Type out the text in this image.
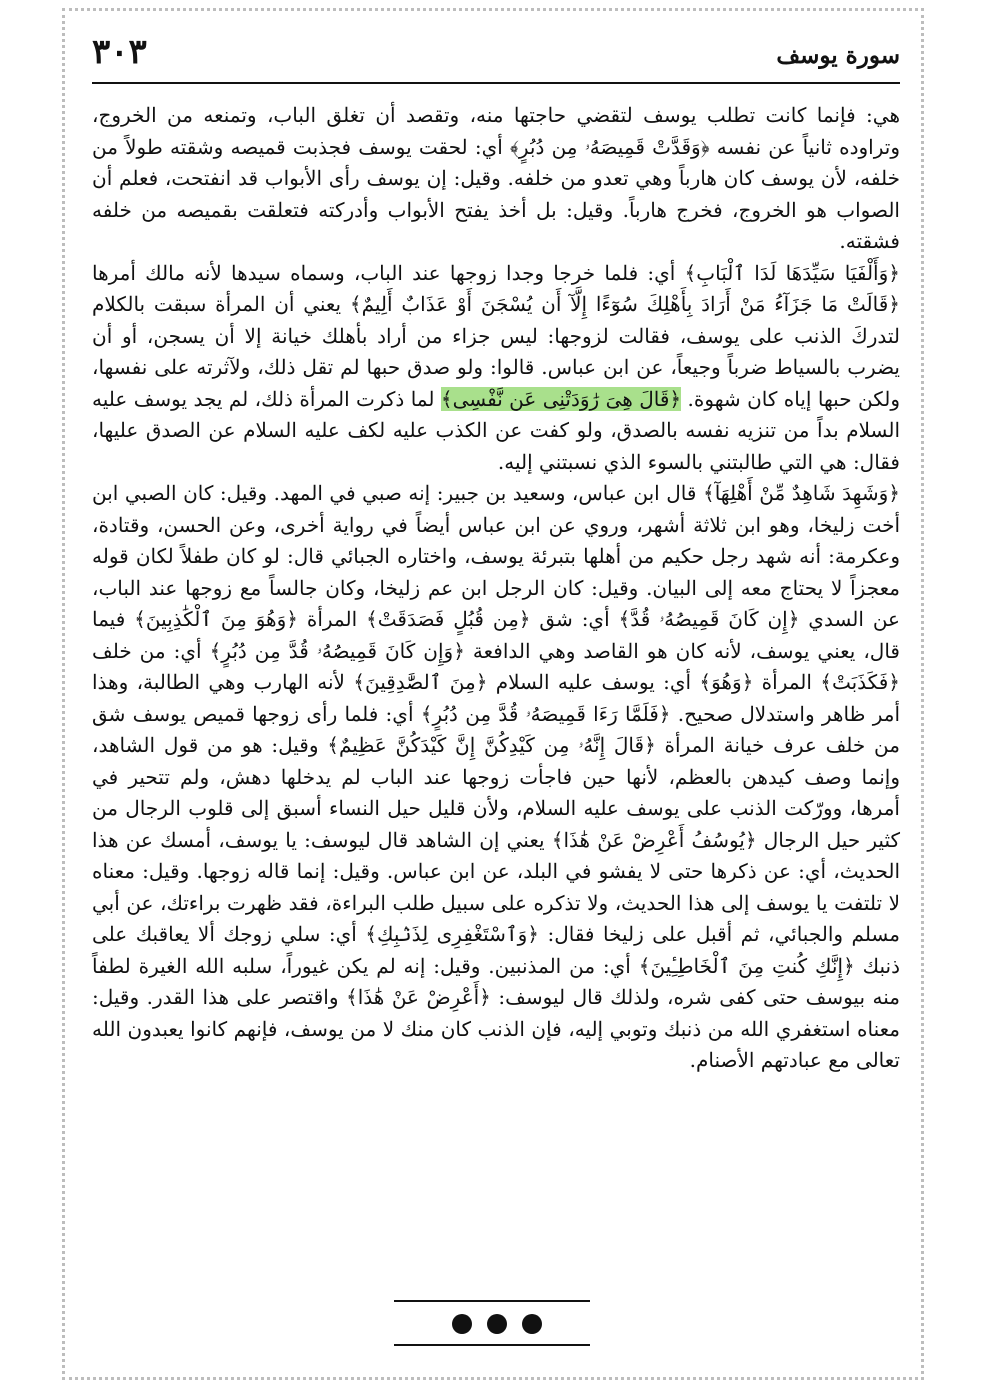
سورة يوسف
٣٠٣

هي: فإنما كانت تطلب يوسف لتقضي حاجتها منه، وتقصد أن تغلق الباب، وتمنعه من الخروج، وتراوده ثانياً عن نفسه ﴿وَقَدَّتْ قَمِيصَهُۥ مِن دُبُرٍ﴾ أي: لحقت يوسف فجذبت قميصه وشقته طولاً من خلفه، لأن يوسف كان هارباً وهي تعدو من خلفه. وقيل: إن يوسف رأى الأبواب قد انفتحت، فعلم أن الصواب هو الخروج، فخرج هارباً. وقيل: بل أخذ يفتح الأبواب وأدركته فتعلقت بقميصه من خلفه فشقته.

﴿وَأَلْفَيَا سَيِّدَهَا لَدَا ٱلْبَابِ﴾ أي: فلما خرجا وجدا زوجها عند الباب، وسماه سيدها لأنه مالك أمرها ﴿قَالَتْ مَا جَزَآءُ مَنْ أَرَادَ بِأَهْلِكَ سُوٓءًا إِلَّآ أَن يُسْجَنَ أَوْ عَذَابٌ أَلِيمٌ﴾ يعني أن المرأة سبقت بالكلام لتدركَ الذنب على يوسف، فقالت لزوجها: ليس جزاء من أراد بأهلك خيانة إلا أن يسجن، أو أن يضرب بالسياط ضرباً وجيعاً، عن ابن عباس. قالوا: ولو صدق حبها لم تقل ذلك، ولآثرته على نفسها، ولكن حبها إياه كان شهوة. ﴿قَالَ هِىَ رَٰوَدَتْنِى عَن نَّفْسِى﴾ لما ذكرت المرأة ذلك، لم يجد يوسف عليه السلام بداً من تنزيه نفسه بالصدق، ولو كفت عن الكذب عليه لكف عليه السلام عن الصدق عليها، فقال: هي التي طالبتني بالسوء الذي نسبتني إليه.

﴿وَشَهِدَ شَاهِدٌ مِّنْ أَهْلِهَآ﴾ قال ابن عباس، وسعيد بن جبير: إنه صبي في المهد. وقيل: كان الصبي ابن أخت زليخا، وهو ابن ثلاثة أشهر، وروي عن ابن عباس أيضاً في رواية أخرى، وعن الحسن، وقتادة، وعكرمة: أنه شهد رجل حكيم من أهلها بتبرئة يوسف، واختاره الجبائي قال: لو كان طفلاً لكان قوله معجزاً لا يحتاج معه إلى البيان. وقيل: كان الرجل ابن عم زليخا، وكان جالساً مع زوجها عند الباب، عن السدي ﴿إِن كَانَ قَمِيصُهُۥ قُدَّ﴾ أي: شق ﴿مِن قُبُلٍ فَصَدَقَتْ﴾ المرأة ﴿وَهُوَ مِنَ ٱلْكَٰذِبِينَ﴾ فيما قال، يعني يوسف، لأنه كان هو القاصد وهي الدافعة ﴿وَإِن كَانَ قَمِيصُهُۥ قُدَّ مِن دُبُرٍ﴾ أي: من خلف ﴿فَكَذَبَتْ﴾ المرأة ﴿وَهُوَ﴾ أي: يوسف عليه السلام ﴿مِنَ ٱلصَّٰدِقِينَ﴾ لأنه الهارب وهي الطالبة، وهذا أمر ظاهر واستدلال صحيح. ﴿فَلَمَّا رَءَا قَمِيصَهُۥ قُدَّ مِن دُبُرٍ﴾ أي: فلما رأى زوجها قميص يوسف شق من خلف عرف خيانة المرأة ﴿قَالَ إِنَّهُۥ مِن كَيْدِكُنَّ إِنَّ كَيْدَكُنَّ عَظِيمٌ﴾ وقيل: هو من قول الشاهد، وإنما وصف كيدهن بالعظم، لأنها حين فاجأت زوجها عند الباب لم يدخلها دهش، ولم تتحير في أمرها، وورّكت الذنب على يوسف عليه السلام، ولأن قليل حيل النساء أسبق إلى قلوب الرجال من كثير حيل الرجال ﴿يُوسُفُ أَعْرِضْ عَنْ هَٰذَا﴾ يعني إن الشاهد قال ليوسف: يا يوسف، أمسك عن هذا الحديث، أي: عن ذكرها حتى لا يفشو في البلد، عن ابن عباس. وقيل: إنما قاله زوجها. وقيل: معناه لا تلتفت يا يوسف إلى هذا الحديث، ولا تذكره على سبيل طلب البراءة، فقد ظهرت براءتك، عن أبي مسلم والجبائي، ثم أقبل على زليخا فقال: ﴿وَٱسْتَغْفِرِى لِذَنۢبِكِ﴾ أي: سلي زوجك ألا يعاقبك على ذنبك ﴿إِنَّكِ كُنتِ مِنَ ٱلْخَاطِـِٔينَ﴾ أي: من المذنبين. وقيل: إنه لم يكن غيوراً، سلبه الله الغيرة لطفاً منه بيوسف حتى كفى شره، ولذلك قال ليوسف: ﴿أَعْرِضْ عَنْ هَٰذَا﴾ واقتصر على هذا القدر. وقيل: معناه استغفري الله من ذنبك وتوبي إليه، فإن الذنب كان منك لا من يوسف، فإنهم كانوا يعبدون الله تعالى مع عبادتهم الأصنام.
